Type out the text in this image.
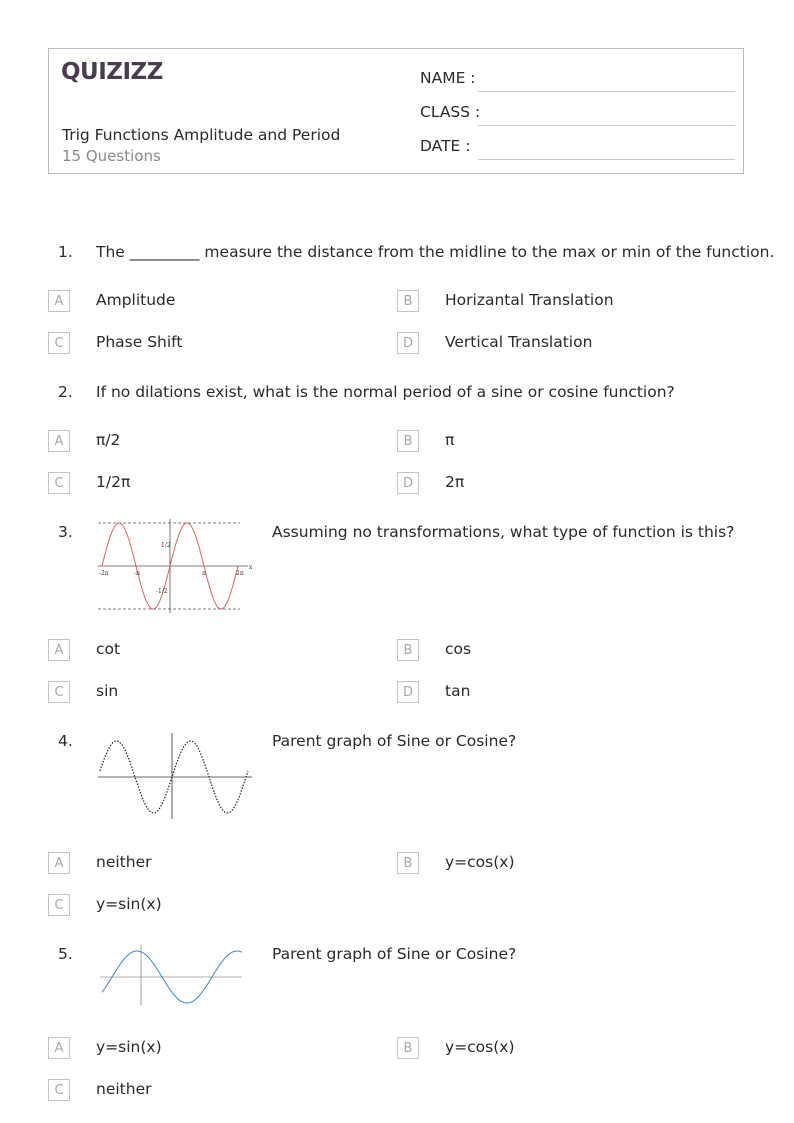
QUIZIZZ
Trig Functions Amplitude and Period
15 Questions
NAME :
CLASS :
DATE :
1. The _________ measure the distance from the midline to the max or min of the function.
A	Amplitude	B	Horizantal Translation
C	Phase Shift	D	Vertical Translation
2. If no dilations exist, what is the normal period of a sine or cosine function?
A	π/2	B	π
C	1/2π	D	2π
3.
-2π	-π	π	2π
1/2
-1/2
x
Assuming no transformations, what type of function is this?
A	cot	B	cos
C	sin	D	tan
4.	Parent graph of Sine or Cosine?
A	neither	B	y=cos(x)
C	y=sin(x)
5.	Parent graph of Sine or Cosine?
A	y=sin(x)	B	y=cos(x)
C	neither
